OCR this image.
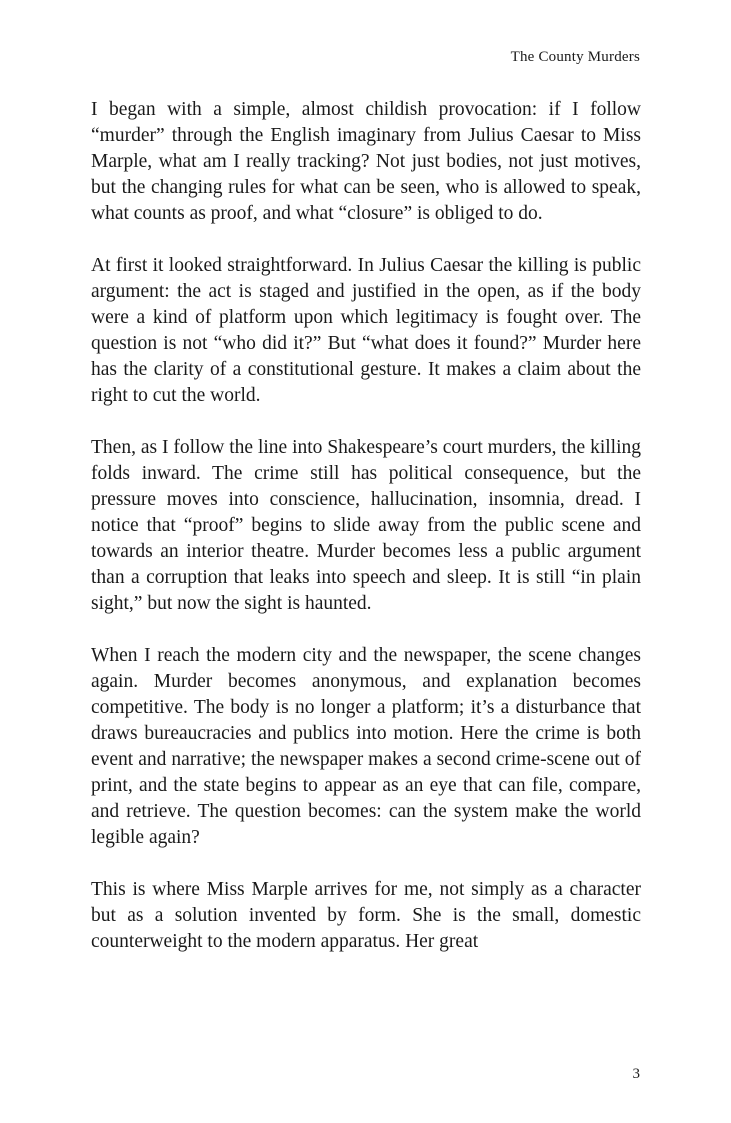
The County Murders

I began with a simple, almost childish provocation: if I follow “murder” through the English imaginary from Julius Caesar to Miss Marple, what am I really tracking? Not just bodies, not just motives, but the changing rules for what can be seen, who is allowed to speak, what counts as proof, and what “closure” is obliged to do.

At first it looked straightforward. In Julius Caesar the killing is public argument: the act is staged and justified in the open, as if the body were a kind of platform upon which legitimacy is fought over. The question is not “who did it?” But “what does it found?” Murder here has the clarity of a constitutional gesture. It makes a claim about the right to cut the world.

Then, as I follow the line into Shakespeare’s court murders, the killing folds inward. The crime still has political consequence, but the pressure moves into conscience, hallucination, insomnia, dread. I notice that “proof” begins to slide away from the public scene and towards an interior theatre. Murder becomes less a public argument than a corruption that leaks into speech and sleep. It is still “in plain sight,” but now the sight is haunted.

When I reach the modern city and the newspaper, the scene changes again. Murder becomes anonymous, and explanation becomes competitive. The body is no longer a platform; it’s a disturbance that draws bureaucracies and publics into motion. Here the crime is both event and narrative; the newspaper makes a second crime-scene out of print, and the state begins to appear as an eye that can file, compare, and retrieve. The question becomes: can the system make the world legible again?

This is where Miss Marple arrives for me, not simply as a character but as a solution invented by form. She is the small, domestic counterweight to the modern apparatus. Her great

3
